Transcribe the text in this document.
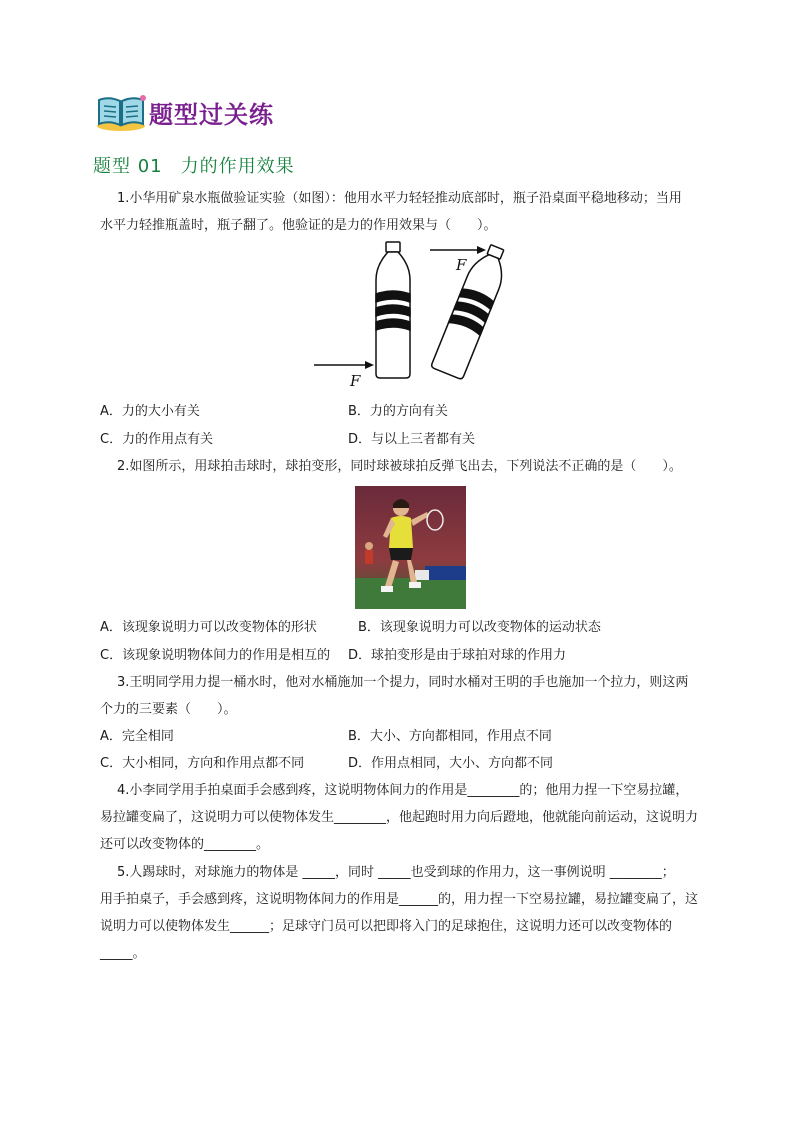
题型过关练
题型 01 力的作用效果
1.小华用矿泉水瓶做验证实验（如图）：他用水平力轻轻推动底部时，瓶子沿桌面平稳地移动；当用
水平力轻推瓶盖时，瓶子翻了。他验证的是力的作用效果与（　　）。
F
F
A．力的大小有关	B．力的方向有关
C．力的作用点有关	D．与以上三者都有关
2.如图所示，用球拍击球时，球拍变形，同时球被球拍反弹飞出去，下列说法不正确的是（　　）。
A．该现象说明力可以改变物体的形状	B．该现象说明力可以改变物体的运动状态
C．该现象说明物体间力的作用是相互的 D．球拍变形是由于球拍对球的作用力
3.王明同学用力提一桶水时，他对水桶施加一个提力，同时水桶对王明的手也施加一个拉力，则这两
个力的三要素（　　）。
A．完全相同	B．大小、方向都相同，作用点不同
C．大小相同，方向和作用点都不同	D．作用点相同，大小、方向都不同
4.小李同学用手拍桌面手会感到疼，这说明物体间力的作用是________的；他用力捏一下空易拉罐，
易拉罐变扁了，这说明力可以使物体发生________，他起跑时用力向后蹬地，他就能向前运动，这说明力
还可以改变物体的________。
5.人踢球时，对球施力的物体是 _____，同时 _____也受到球的作用力，这一事例说明 ________；
用手拍桌子，手会感到疼，这说明物体间力的作用是______的，用力捏一下空易拉罐，易拉罐变扁了，这
说明力可以使物体发生______；足球守门员可以把即将入门的足球抱住，这说明力还可以改变物体的
_____。
